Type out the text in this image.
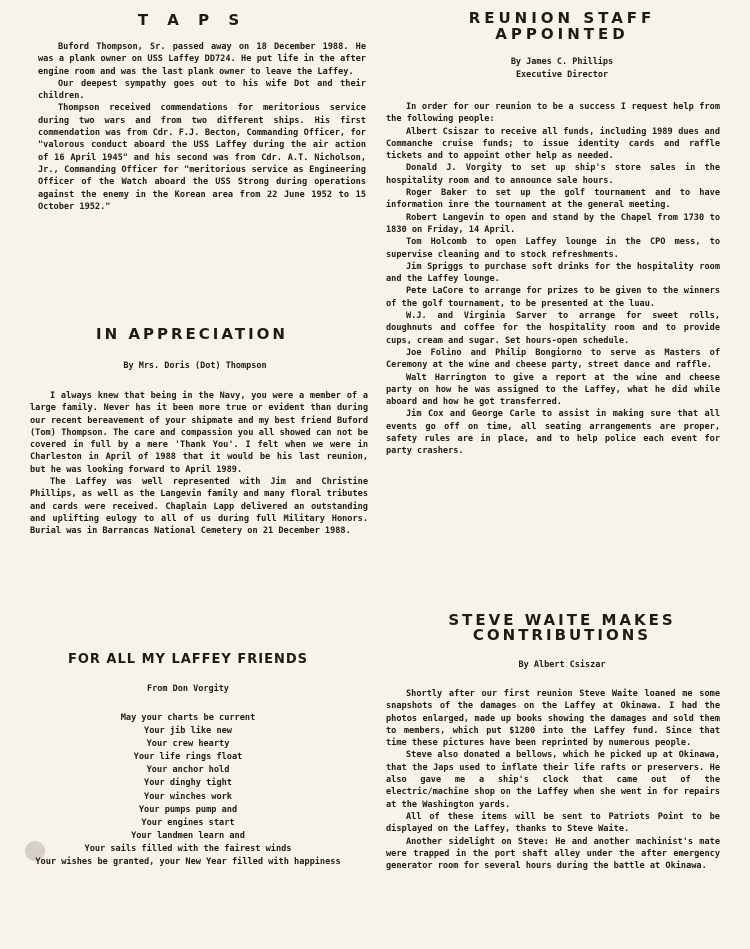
T A P S

Buford Thompson, Sr. passed away on 18 December 1988. He was a plank owner on USS Laffey DD724. He put life in the after engine room and was the last plank owner to leave the Laffey.

Our deepest sympathy goes out to his wife Dot and their children.

Thompson received commendations for meritorious service during two wars and from two different ships. His first commendation was from Cdr. F.J. Becton, Commanding Officer, for "valorous conduct aboard the USS Laffey during the air action of 16 April 1945" and his second was from Cdr. A.T. Nicholson, Jr., Commanding Officer for "meritorious service as Engineering Officer of the Watch aboard the USS Strong during operations against the enemy in the Korean area from 22 June 1952 to 15 October 1952."

IN APPRECIATION

By Mrs. Doris (Dot) Thompson

I always knew that being in the Navy, you were a member of a large family. Never has it been more true or evident than during our recent bereavement of your shipmate and my best friend Buford (Tom) Thompson. The care and compassion you all showed can not be covered in full by a mere 'Thank You'. I felt when we were in Charleston in April of 1988 that it would be his last reunion, but he was looking forward to April 1989.

The Laffey was well represented with Jim and Christine Phillips, as well as the Langevin family and many floral tributes and cards were received. Chaplain Lapp delivered an outstanding and uplifting eulogy to all of us during full Military Honors. Burial was in Barrancas National Cemetery on 21 December 1988.

FOR ALL MY LAFFEY FRIENDS

From Don Vorgity

May your charts be current

Your jib like new

Your crew hearty

Your life rings float

Your anchor hold

Your dinghy tight

Your winches work

Your pumps pump and

Your engines start

Your landmen learn and

Your sails filled with the fairest winds

Your wishes be granted, your New Year filled with happiness

REUNION STAFF
APPOINTED

By James C. Phillips

Executive Director

In order for our reunion to be a success I request help from the following people:

Albert Csiszar to receive all funds, including 1989 dues and Commanche cruise funds; to issue identity cards and raffle tickets and to appoint other help as needed.

Donald J. Vorgity to set up ship's store sales in the hospitality room and to announce sale hours.

Roger Baker to set up the golf tournament and to have information inre the tournament at the general meeting.

Robert Langevin to open and stand by the Chapel from 1730 to 1830 on Friday, 14 April.

Tom Holcomb to open Laffey lounge in the CPO mess, to supervise cleaning and to stock refreshments.

Jim Spriggs to purchase soft drinks for the hospitality room and the Laffey lounge.

Pete LaCore to arrange for prizes to be given to the winners of the golf tournament, to be presented at the luau.

W.J. and Virginia Sarver to arrange for sweet rolls, doughnuts and coffee for the hospitality room and to provide cups, cream and sugar. Set hours-open schedule.

Joe Folino and Philip Bongiorno to serve as Masters of Ceremony at the wine and cheese party, street dance and raffle.

Walt Harrington to give a report at the wine and cheese party on how he was assigned to the Laffey, what he did while aboard and how he got transferred.

Jim Cox and George Carle to assist in making sure that all events go off on time, all seating arrangements are proper, safety rules are in place, and to help police each event for party crashers.

STEVE WAITE MAKES
CONTRIBUTIONS

By Albert Csiszar

Shortly after our first reunion Steve Waite loaned me some snapshots of the damages on the Laffey at Okinawa. I had the photos enlarged, made up books showing the damages and sold them to members, which put $1200 into the Laffey fund. Since that time these pictures have been reprinted by numerous people.

Steve also donated a bellows, which he picked up at Okinawa, that the Japs used to inflate their life rafts or preservers. He also gave me a ship's clock that came out of the electric/machine shop on the Laffey when she went in for repairs at the Washington yards.

All of these items will be sent to Patriots Point to be displayed on the Laffey, thanks to Steve Waite.

Another sidelight on Steve: He and another machinist's mate were trapped in the port shaft alley under the after emergency generator room for several hours during the battle at Okinawa.
